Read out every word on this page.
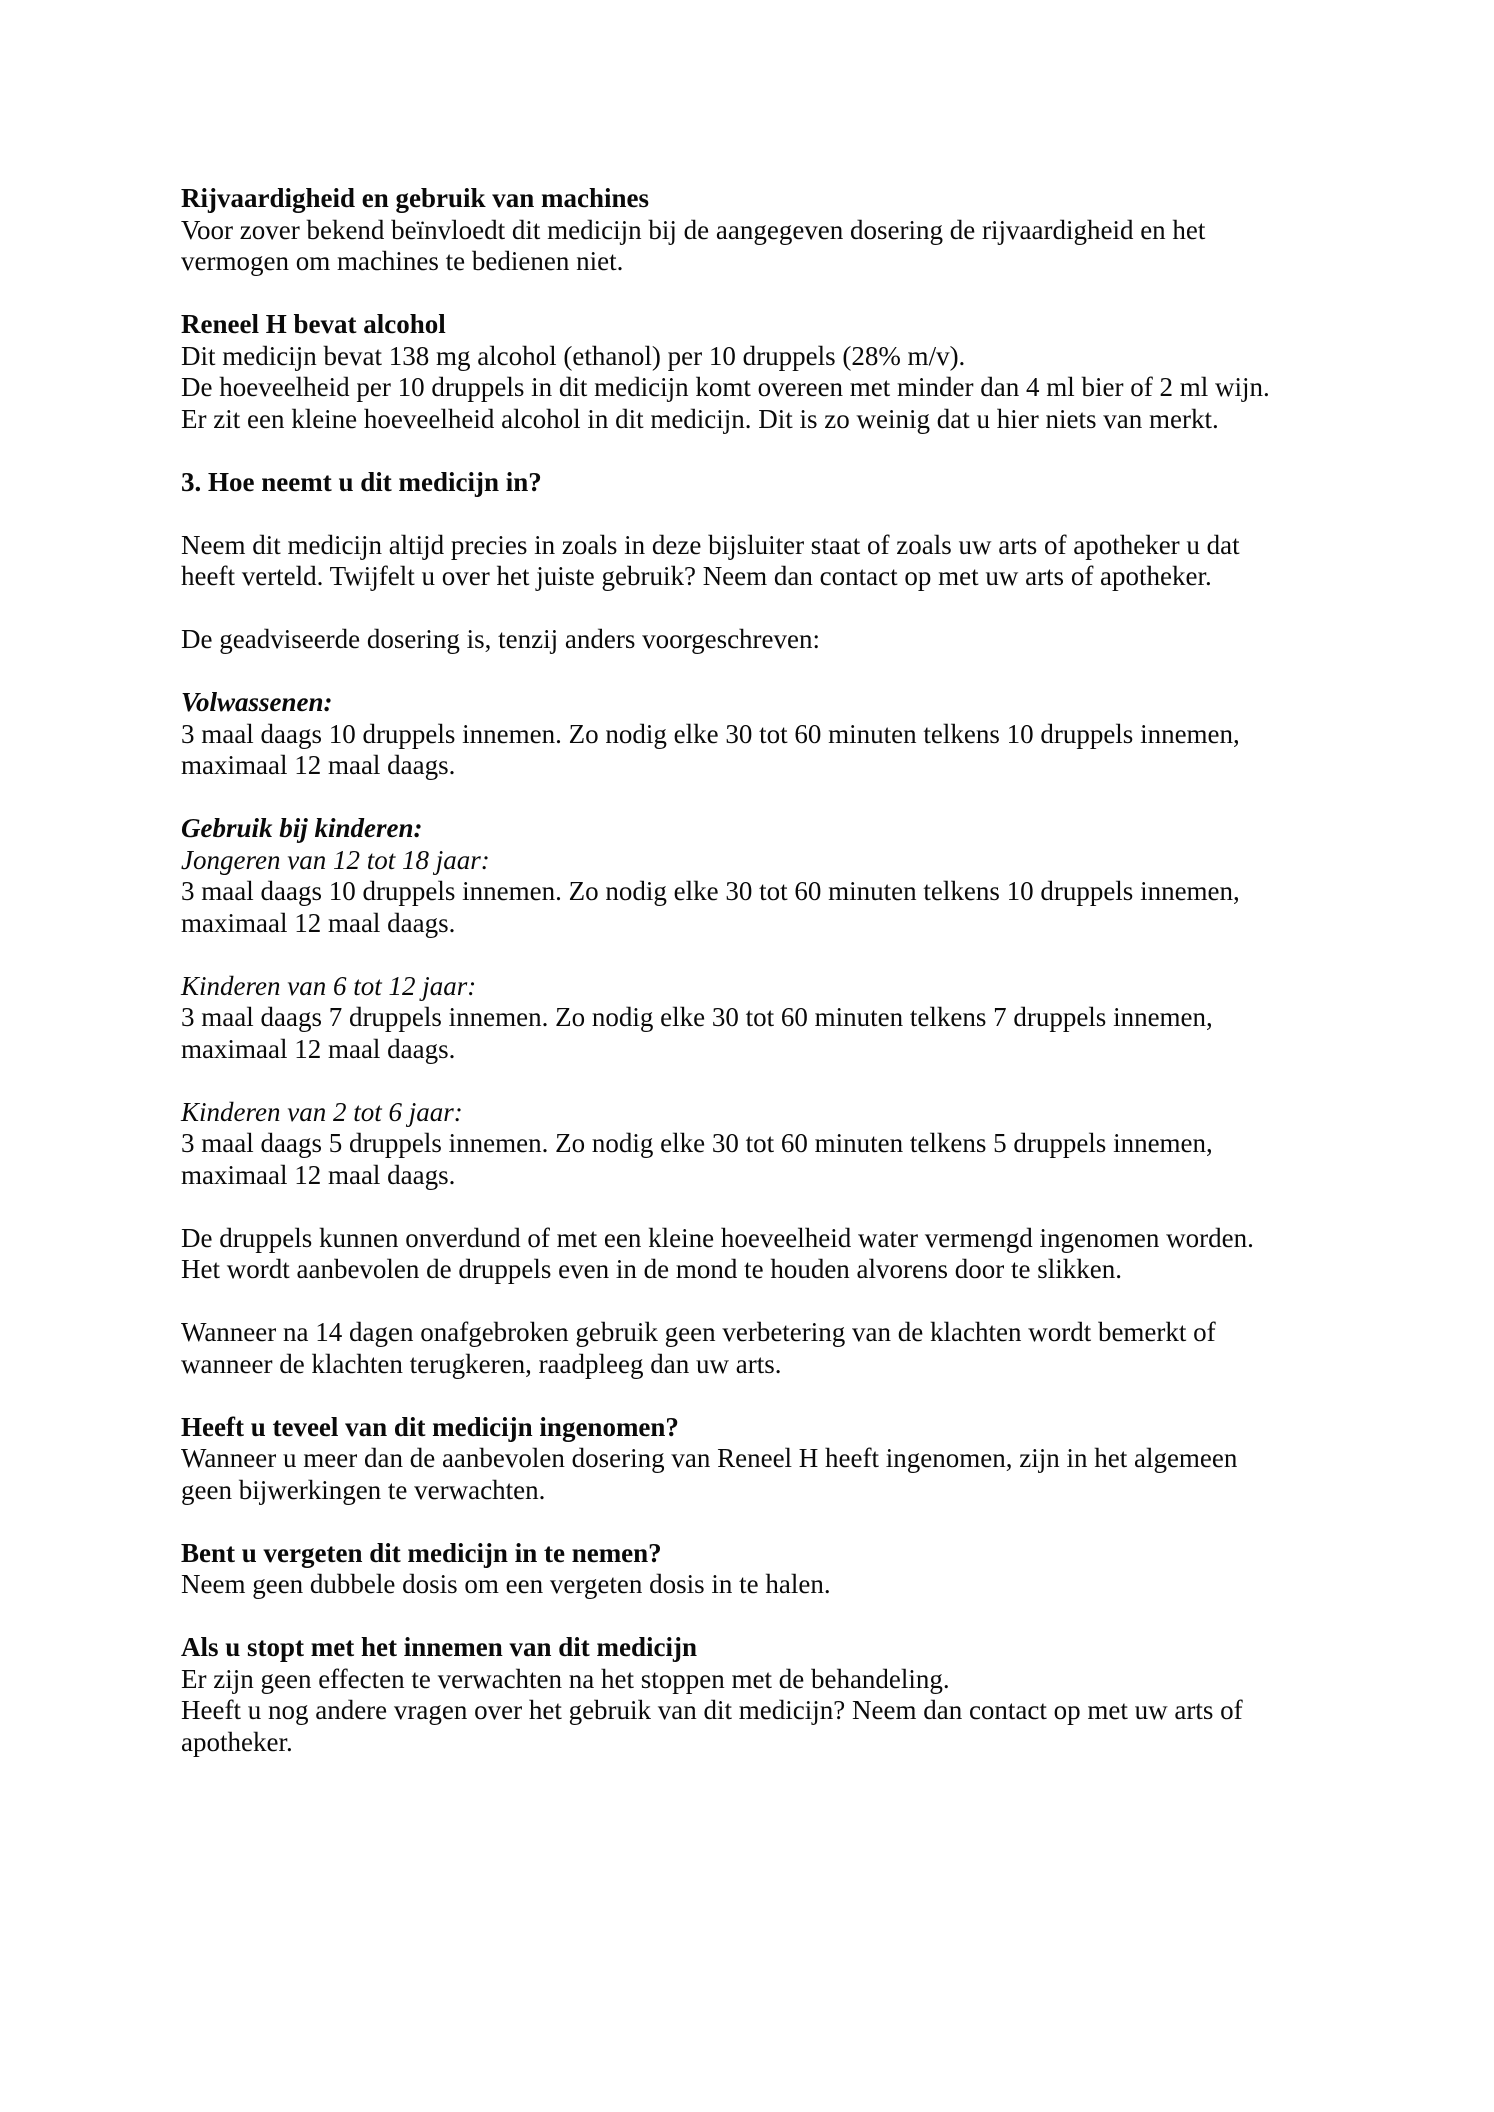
Rijvaardigheid en gebruik van machines
Voor zover bekend beïnvloedt dit medicijn bij de aangegeven dosering de rijvaardigheid en het
vermogen om machines te bedienen niet.
Reneel H bevat alcohol
Dit medicijn bevat 138 mg alcohol (ethanol) per 10 druppels (28% m/v).
De hoeveelheid per 10 druppels in dit medicijn komt overeen met minder dan 4 ml bier of 2 ml wijn.
Er zit een kleine hoeveelheid alcohol in dit medicijn. Dit is zo weinig dat u hier niets van merkt.
3. Hoe neemt u dit medicijn in?
Neem dit medicijn altijd precies in zoals in deze bijsluiter staat of zoals uw arts of apotheker u dat
heeft verteld. Twijfelt u over het juiste gebruik? Neem dan contact op met uw arts of apotheker.
De geadviseerde dosering is, tenzij anders voorgeschreven:
Volwassenen:
3 maal daags 10 druppels innemen. Zo nodig elke 30 tot 60 minuten telkens 10 druppels innemen,
maximaal 12 maal daags.
Gebruik bij kinderen:
Jongeren van 12 tot 18 jaar:
3 maal daags 10 druppels innemen. Zo nodig elke 30 tot 60 minuten telkens 10 druppels innemen,
maximaal 12 maal daags.
Kinderen van 6 tot 12 jaar:
3 maal daags 7 druppels innemen. Zo nodig elke 30 tot 60 minuten telkens 7 druppels innemen,
maximaal 12 maal daags.
Kinderen van 2 tot 6 jaar:
3 maal daags 5 druppels innemen. Zo nodig elke 30 tot 60 minuten telkens 5 druppels innemen,
maximaal 12 maal daags.
De druppels kunnen onverdund of met een kleine hoeveelheid water vermengd ingenomen worden.
Het wordt aanbevolen de druppels even in de mond te houden alvorens door te slikken.
Wanneer na 14 dagen onafgebroken gebruik geen verbetering van de klachten wordt bemerkt of
wanneer de klachten terugkeren, raadpleeg dan uw arts.
Heeft u teveel van dit medicijn ingenomen?
Wanneer u meer dan de aanbevolen dosering van Reneel H heeft ingenomen, zijn in het algemeen
geen bijwerkingen te verwachten.
Bent u vergeten dit medicijn in te nemen?
Neem geen dubbele dosis om een vergeten dosis in te halen.
Als u stopt met het innemen van dit medicijn
Er zijn geen effecten te verwachten na het stoppen met de behandeling.
Heeft u nog andere vragen over het gebruik van dit medicijn? Neem dan contact op met uw arts of
apotheker.
